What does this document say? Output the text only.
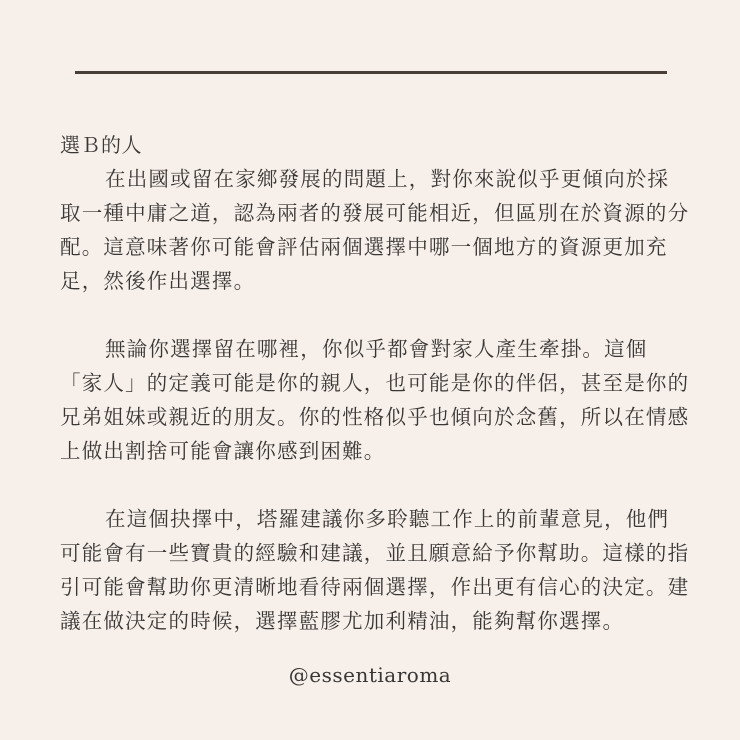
選Ｂ的人

在出國或留在家鄉發展的問題上，對你來說似乎更傾向於採取一種中庸之道，認為兩者的發展可能相近，但區別在於資源的分配。這意味著你可能會評估兩個選擇中哪一個地方的資源更加充足，然後作出選擇。

無論你選擇留在哪裡，你似乎都會對家人產生牽掛。這個「家人」的定義可能是你的親人，也可能是你的伴侶，甚至是你的兄弟姐妹或親近的朋友。你的性格似乎也傾向於念舊，所以在情感上做出割捨可能會讓你感到困難。

在這個抉擇中，塔羅建議你多聆聽工作上的前輩意見，他們可能會有一些寶貴的經驗和建議，並且願意給予你幫助。這樣的指引可能會幫助你更清晰地看待兩個選擇，作出更有信心的決定。建議在做決定的時候，選擇藍膠尤加利精油，能夠幫你選擇。

@essentiaroma
